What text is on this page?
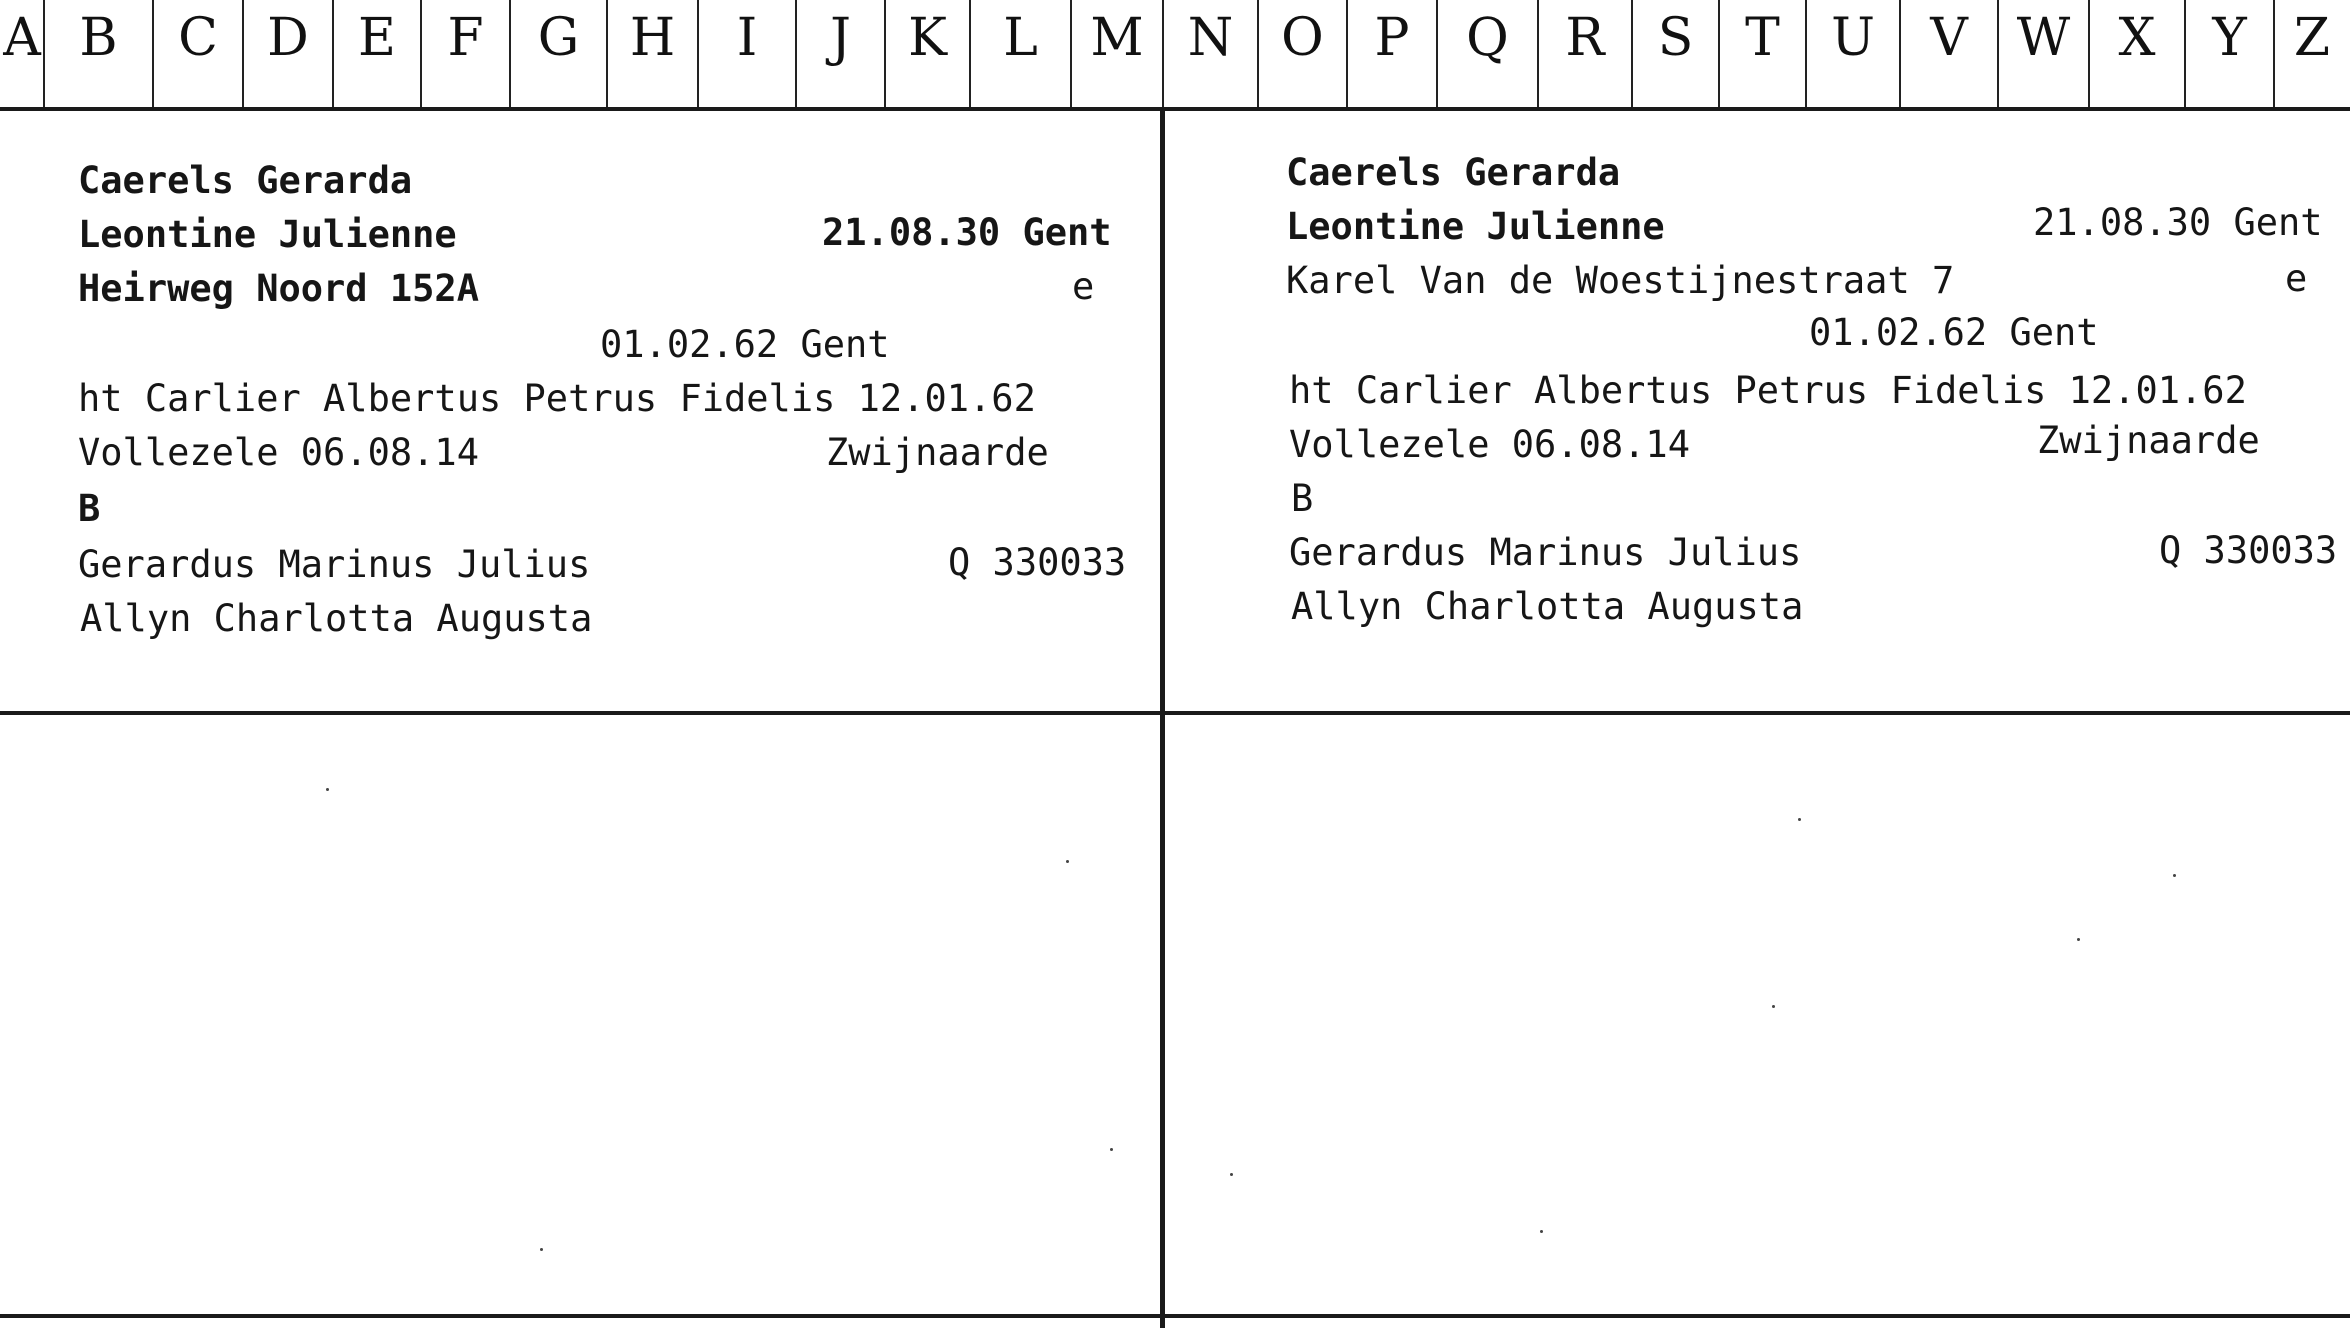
A B	C D E F	G H	I	J	K	L	M N O P	Q	R	S T U	V W X	Y Z
Caerels Gerarda
Leontine Julienne	21.08.30 Gent
Heirweg Noord 152A	e
01.02.62 Gent
ht Carlier Albertus Petrus Fidelis 12.01.62
Vollezele 06.08.14	Zwijnaarde
B
Gerardus Marinus Julius	Q 330033
Allyn Charlotta Augusta
Caerels Gerarda
Leontine Julienne	21.08.30 Gent
Karel Van de Woestijnestraat 7	e
01.02.62 Gent
ht Carlier Albertus Petrus Fidelis 12.01.62
Vollezele 06.08.14	Zwijnaarde
B
Gerardus Marinus Julius	Q 330033
Allyn Charlotta Augusta
